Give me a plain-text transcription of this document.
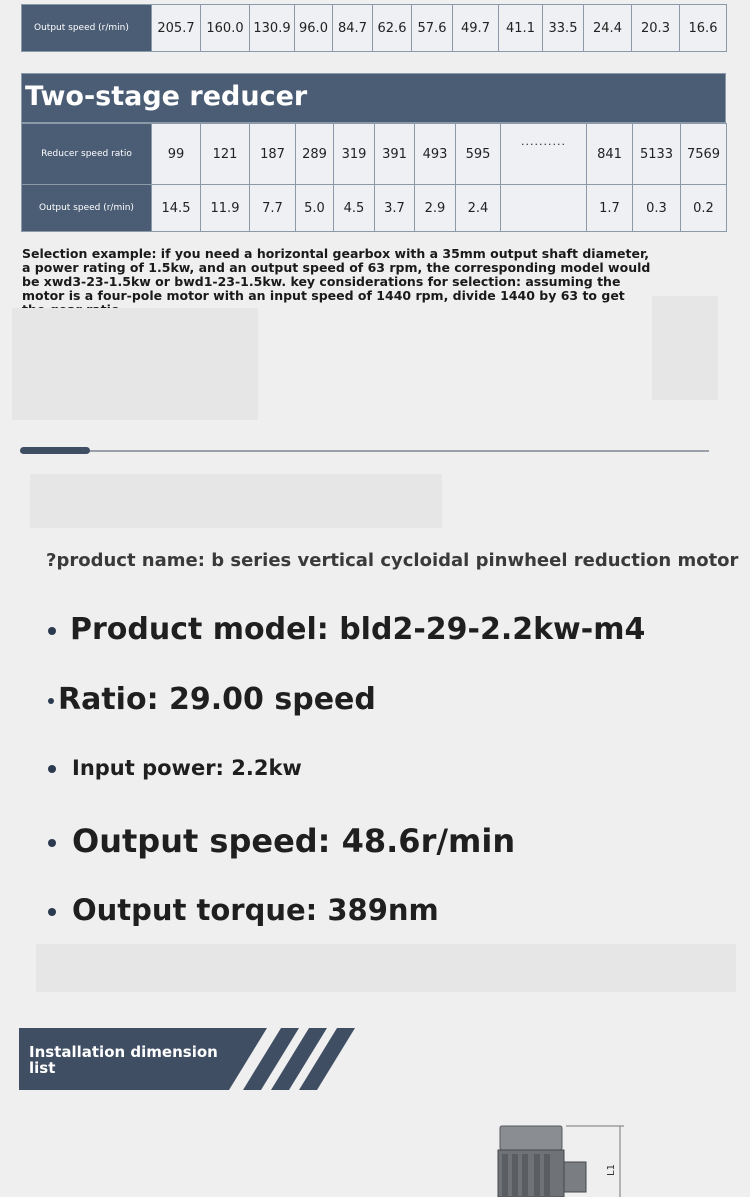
Output speed (r/min)	205.7	160.0	130.9	96.0	84.7	62.6	57.6	49.7	41.1	33.5	24.4	20.3	16.6
Two-stage reducer
Reducer speed ratio	99	121	187	289	319	391	493	595	··········	841	5133	7569
Output speed (r/min)	14.5	11.9	7.7	5.0	4.5	3.7	2.9	2.4		1.7	0.3	0.2
Selection example: if you need a horizontal gearbox with a 35mm output shaft diameter, a power rating of 1.5kw, and an output speed of 63 rpm, the corresponding model would be xwd3-23-1.5kw or bwd1-23-1.5kw. key considerations for selection: assuming the motor is a four-pole motor with an input speed of 1440 rpm, divide 1440 by 63 to get
?product name: b series vertical cycloidal pinwheel reduction motor
Product model: bld2-29-2.2kw-m4
Ratio: 29.00 speed
Input power: 2.2kw
Output speed: 48.6r/min
Output torque: 389nm
Installation dimension
list
L1
